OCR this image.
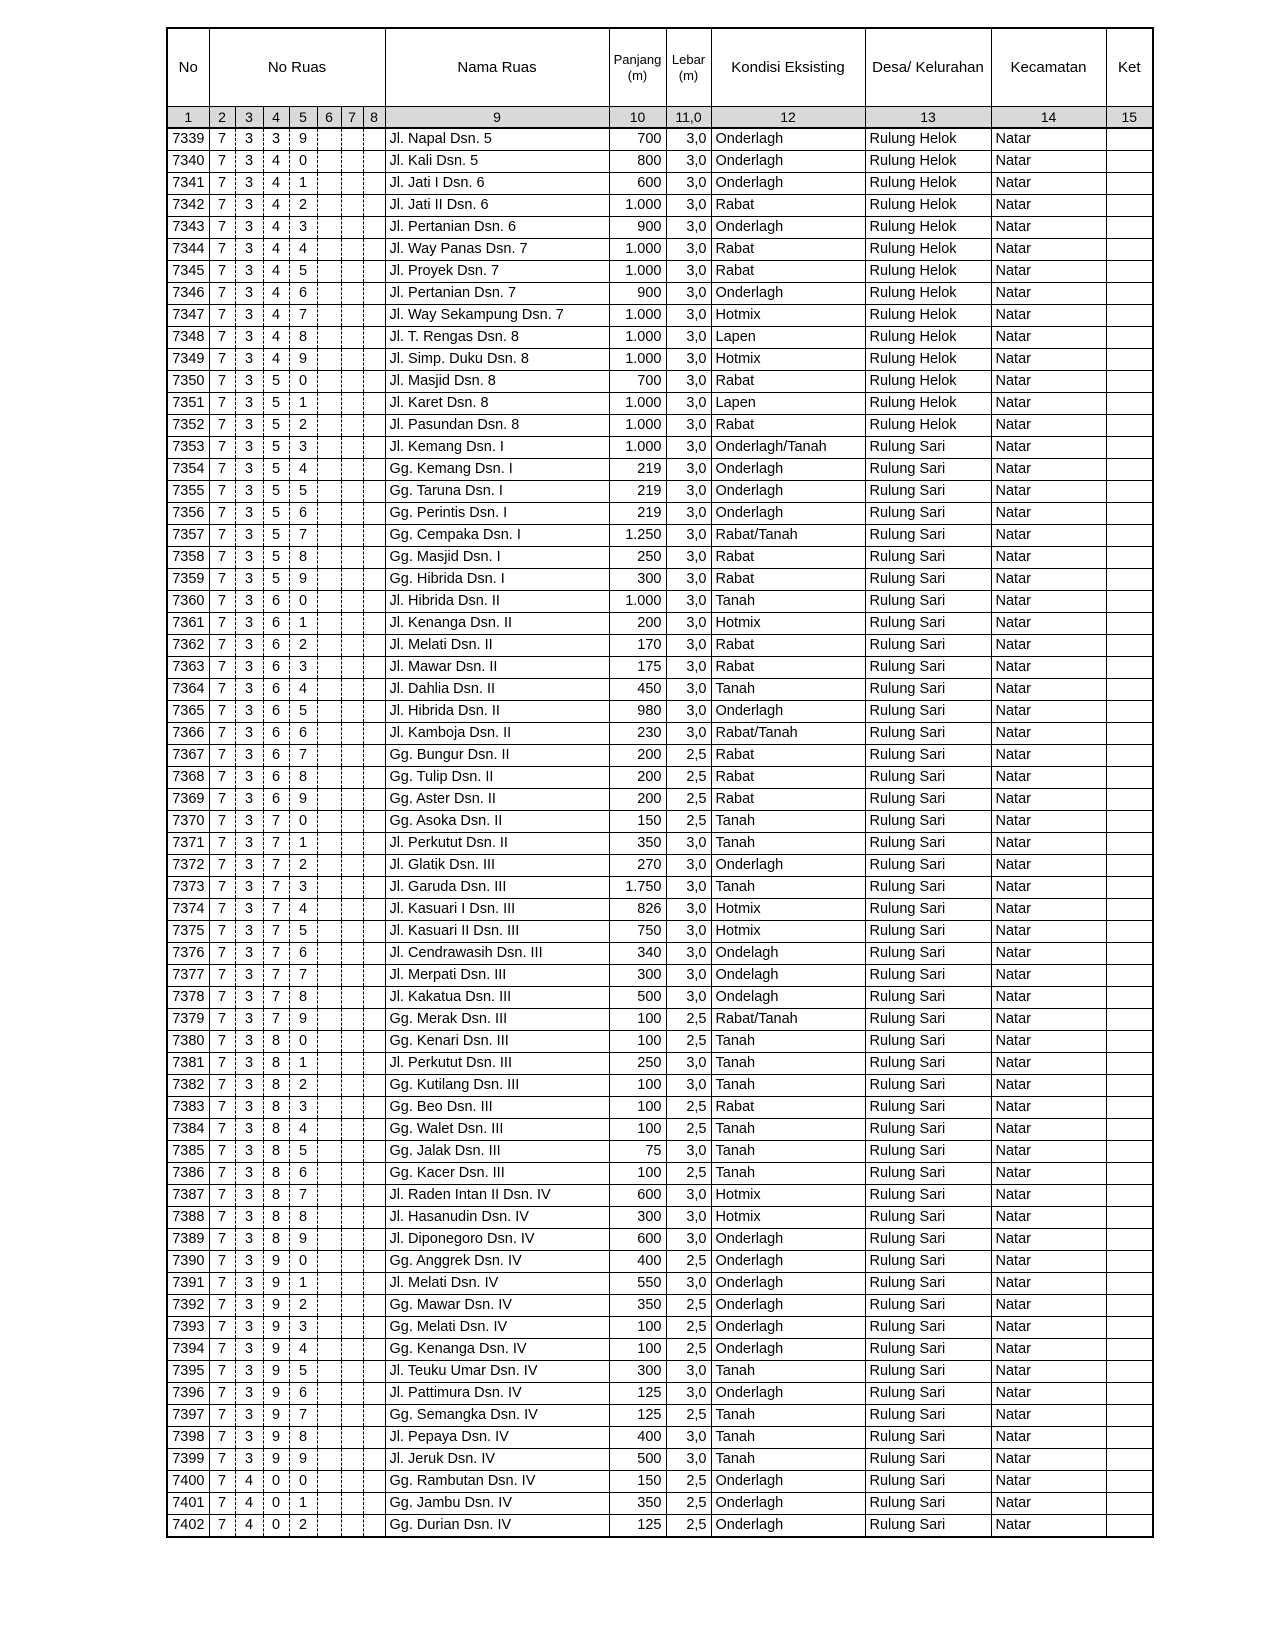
No	No Ruas							Nama Ruas	Panjang (m)	Lebar (m)	Kondisi Eksisting	Desa/ Kelurahan	Kecamatan	Ket
1	2	3	4	5	6	7	8	9	10	11,0	12	13	14	15
7339	7	3	3	9				Jl. Napal Dsn. 5	700	3,0	Onderlagh	Rulung Helok	Natar	
7340	7	3	4	0				Jl. Kali Dsn. 5	800	3,0	Onderlagh	Rulung Helok	Natar	
7341	7	3	4	1				Jl. Jati I Dsn. 6	600	3,0	Onderlagh	Rulung Helok	Natar	
7342	7	3	4	2				Jl. Jati II Dsn. 6	1.000	3,0	Rabat	Rulung Helok	Natar	
7343	7	3	4	3				Jl. Pertanian Dsn. 6	900	3,0	Onderlagh	Rulung Helok	Natar	
7344	7	3	4	4				Jl. Way Panas Dsn. 7	1.000	3,0	Rabat	Rulung Helok	Natar	
7345	7	3	4	5				Jl. Proyek Dsn. 7	1.000	3,0	Rabat	Rulung Helok	Natar	
7346	7	3	4	6				Jl. Pertanian Dsn. 7	900	3,0	Onderlagh	Rulung Helok	Natar	
7347	7	3	4	7				Jl. Way Sekampung Dsn. 7	1.000	3,0	Hotmix	Rulung Helok	Natar	
7348	7	3	4	8				Jl. T. Rengas Dsn. 8	1.000	3,0	Lapen	Rulung Helok	Natar	
7349	7	3	4	9				Jl. Simp. Duku Dsn. 8	1.000	3,0	Hotmix	Rulung Helok	Natar	
7350	7	3	5	0				Jl. Masjid Dsn. 8	700	3,0	Rabat	Rulung Helok	Natar	
7351	7	3	5	1				Jl. Karet Dsn. 8	1.000	3,0	Lapen	Rulung Helok	Natar	
7352	7	3	5	2				Jl. Pasundan Dsn. 8	1.000	3,0	Rabat	Rulung Helok	Natar	
7353	7	3	5	3				Jl. Kemang Dsn. I	1.000	3,0	Onderlagh/Tanah	Rulung Sari	Natar	
7354	7	3	5	4				Gg. Kemang Dsn. I	219	3,0	Onderlagh	Rulung Sari	Natar	
7355	7	3	5	5				Gg. Taruna Dsn. I	219	3,0	Onderlagh	Rulung Sari	Natar	
7356	7	3	5	6				Gg. Perintis Dsn. I	219	3,0	Onderlagh	Rulung Sari	Natar	
7357	7	3	5	7				Gg. Cempaka Dsn. I	1.250	3,0	Rabat/Tanah	Rulung Sari	Natar	
7358	7	3	5	8				Gg. Masjid Dsn. I	250	3,0	Rabat	Rulung Sari	Natar	
7359	7	3	5	9				Gg. Hibrida Dsn. I	300	3,0	Rabat	Rulung Sari	Natar	
7360	7	3	6	0				Jl. Hibrida Dsn. II	1.000	3,0	Tanah	Rulung Sari	Natar	
7361	7	3	6	1				Jl. Kenanga Dsn. II	200	3,0	Hotmix	Rulung Sari	Natar	
7362	7	3	6	2				Jl. Melati Dsn. II	170	3,0	Rabat	Rulung Sari	Natar	
7363	7	3	6	3				Jl. Mawar Dsn. II	175	3,0	Rabat	Rulung Sari	Natar	
7364	7	3	6	4				Jl. Dahlia Dsn. II	450	3,0	Tanah	Rulung Sari	Natar	
7365	7	3	6	5				Jl. Hibrida Dsn. II	980	3,0	Onderlagh	Rulung Sari	Natar	
7366	7	3	6	6				Jl. Kamboja Dsn. II	230	3,0	Rabat/Tanah	Rulung Sari	Natar	
7367	7	3	6	7				Gg. Bungur Dsn. II	200	2,5	Rabat	Rulung Sari	Natar	
7368	7	3	6	8				Gg. Tulip Dsn. II	200	2,5	Rabat	Rulung Sari	Natar	
7369	7	3	6	9				Gg. Aster Dsn. II	200	2,5	Rabat	Rulung Sari	Natar	
7370	7	3	7	0				Gg. Asoka Dsn. II	150	2,5	Tanah	Rulung Sari	Natar	
7371	7	3	7	1				Jl. Perkutut Dsn. II	350	3,0	Tanah	Rulung Sari	Natar	
7372	7	3	7	2				Jl. Glatik Dsn. III	270	3,0	Onderlagh	Rulung Sari	Natar	
7373	7	3	7	3				Jl. Garuda Dsn. III	1.750	3,0	Tanah	Rulung Sari	Natar	
7374	7	3	7	4				Jl. Kasuari I Dsn. III	826	3,0	Hotmix	Rulung Sari	Natar	
7375	7	3	7	5				Jl. Kasuari II Dsn. III	750	3,0	Hotmix	Rulung Sari	Natar	
7376	7	3	7	6				Jl. Cendrawasih Dsn. III	340	3,0	Ondelagh	Rulung Sari	Natar	
7377	7	3	7	7				Jl. Merpati Dsn. III	300	3,0	Ondelagh	Rulung Sari	Natar	
7378	7	3	7	8				Jl. Kakatua Dsn. III	500	3,0	Ondelagh	Rulung Sari	Natar	
7379	7	3	7	9				Gg. Merak Dsn. III	100	2,5	Rabat/Tanah	Rulung Sari	Natar	
7380	7	3	8	0				Gg. Kenari Dsn. III	100	2,5	Tanah	Rulung Sari	Natar	
7381	7	3	8	1				Jl. Perkutut Dsn. III	250	3,0	Tanah	Rulung Sari	Natar	
7382	7	3	8	2				Gg. Kutilang Dsn. III	100	3,0	Tanah	Rulung Sari	Natar	
7383	7	3	8	3				Gg. Beo Dsn. III	100	2,5	Rabat	Rulung Sari	Natar	
7384	7	3	8	4				Gg. Walet Dsn. III	100	2,5	Tanah	Rulung Sari	Natar	
7385	7	3	8	5				Gg. Jalak Dsn. III	75	3,0	Tanah	Rulung Sari	Natar	
7386	7	3	8	6				Gg. Kacer Dsn. III	100	2,5	Tanah	Rulung Sari	Natar	
7387	7	3	8	7				Jl. Raden Intan II Dsn. IV	600	3,0	Hotmix	Rulung Sari	Natar	
7388	7	3	8	8				Jl. Hasanudin Dsn. IV	300	3,0	Hotmix	Rulung Sari	Natar	
7389	7	3	8	9				Jl. Diponegoro Dsn. IV	600	3,0	Onderlagh	Rulung Sari	Natar	
7390	7	3	9	0				Gg. Anggrek Dsn. IV	400	2,5	Onderlagh	Rulung Sari	Natar	
7391	7	3	9	1				Jl. Melati Dsn. IV	550	3,0	Onderlagh	Rulung Sari	Natar	
7392	7	3	9	2				Gg. Mawar Dsn. IV	350	2,5	Onderlagh	Rulung Sari	Natar	
7393	7	3	9	3				Gg. Melati Dsn. IV	100	2,5	Onderlagh	Rulung Sari	Natar	
7394	7	3	9	4				Gg. Kenanga Dsn. IV	100	2,5	Onderlagh	Rulung Sari	Natar	
7395	7	3	9	5				Jl. Teuku Umar Dsn. IV	300	3,0	Tanah	Rulung Sari	Natar	
7396	7	3	9	6				Jl. Pattimura Dsn. IV	125	3,0	Onderlagh	Rulung Sari	Natar	
7397	7	3	9	7				Gg. Semangka Dsn. IV	125	2,5	Tanah	Rulung Sari	Natar	
7398	7	3	9	8				Jl. Pepaya Dsn. IV	400	3,0	Tanah	Rulung Sari	Natar	
7399	7	3	9	9				Jl. Jeruk Dsn. IV	500	3,0	Tanah	Rulung Sari	Natar	
7400	7	4	0	0				Gg. Rambutan Dsn. IV	150	2,5	Onderlagh	Rulung Sari	Natar	
7401	7	4	0	1				Gg. Jambu Dsn. IV	350	2,5	Onderlagh	Rulung Sari	Natar	
7402	7	4	0	2				Gg. Durian Dsn. IV	125	2,5	Onderlagh	Rulung Sari	Natar	
